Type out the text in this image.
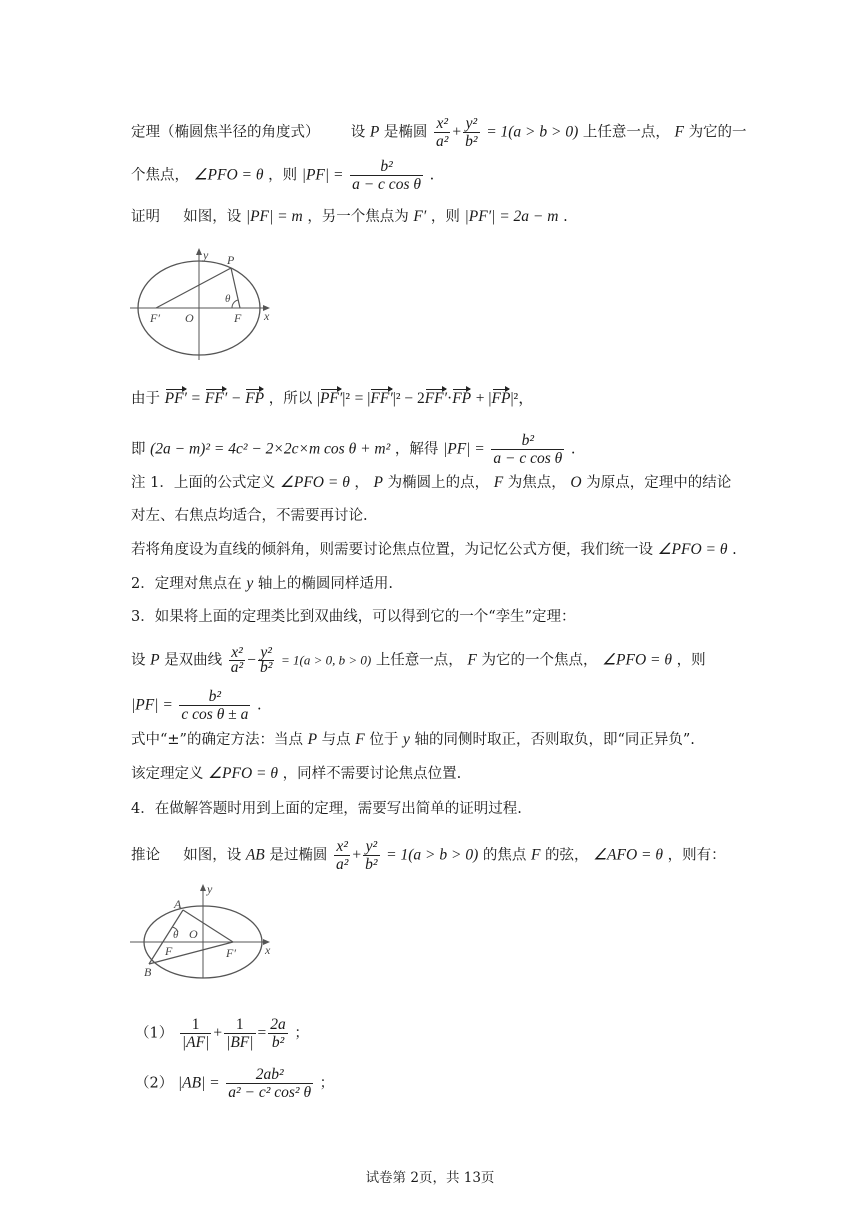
定理（椭圆焦半径的角度式） 设 P 是椭圆 $\frac{\text{x²}}{\text{a²}} + \frac{\text{y²}}{\text{b²}} = 1(a > b > 0)$ 上任意一点， F 为它的一
个焦点， ∠PFO = θ ，则 $|PF| = \frac{\text{b²}}{\text{a − c cos θ}}$ .
证明 如图，设 |PF| = m ，另一个焦点为 F′ ，则 |PF′| = 2a − m .
y P
θ
F′ O	F x
由于 PF′ = FF′ − FP ，所以 |PF′|² = |FF′|² − 2FF′·FP + |FP|²，
即 (2a − m)² = 4c² − 2×2c×m cos θ + m² ，解得 $|PF| = \frac{\text{b²}}{\text{a − c cos θ}}$ .
注 1．上面的公式定义 ∠PFO = θ ， P 为椭圆上的点， F 为焦点， O 为原点，定理中的结论
对左、右焦点均适合，不需要再讨论.
若将角度设为直线的倾斜角，则需要讨论焦点位置，为记忆公式方便，我们统一设 ∠PFO = θ .
2．定理对焦点在 y 轴上的椭圆同样适用.
3．如果将上面的定理类比到双曲线，可以得到它的一个“孪生”定理：
设 P 是双曲线 $\frac{\text{x²}}{\text{a²}} - \frac{\text{y²}}{\text{b²}} = 1(a > 0$, b > 0) 上任意一点， F 为它的一个焦点， ∠PFO = θ ，则
$|PF| = \frac{\text{b²}}{\text{c cos θ ± a}}$ .
式中“±”的确定方法：当点 P 与点 F 位于 y 轴的同侧时取正，否则取负，即“同正异负”.
该定理定义 ∠PFO = θ ，同样不需要讨论焦点位置.
4．在做解答题时用到上面的定理，需要写出简单的证明过程.
推论 如图，设 AB 是过椭圆 $\frac{\text{x²}}{\text{a²}} + \frac{\text{y²}}{\text{b²}} = 1(a > b > 0)$ 的焦点 F 的弦， ∠AFO = θ ，则有：
y
A
θ O
F	F′
B
x
$(1) \frac{1}{|AF|} + \frac{1}{|BF|} = \frac{2a}{\text{b²}}$ ；
（2） $|AB| = \frac{\text{2ab²}}{\text{a² − c² cos² θ}}$ ；
试卷第 2页，共 13页
